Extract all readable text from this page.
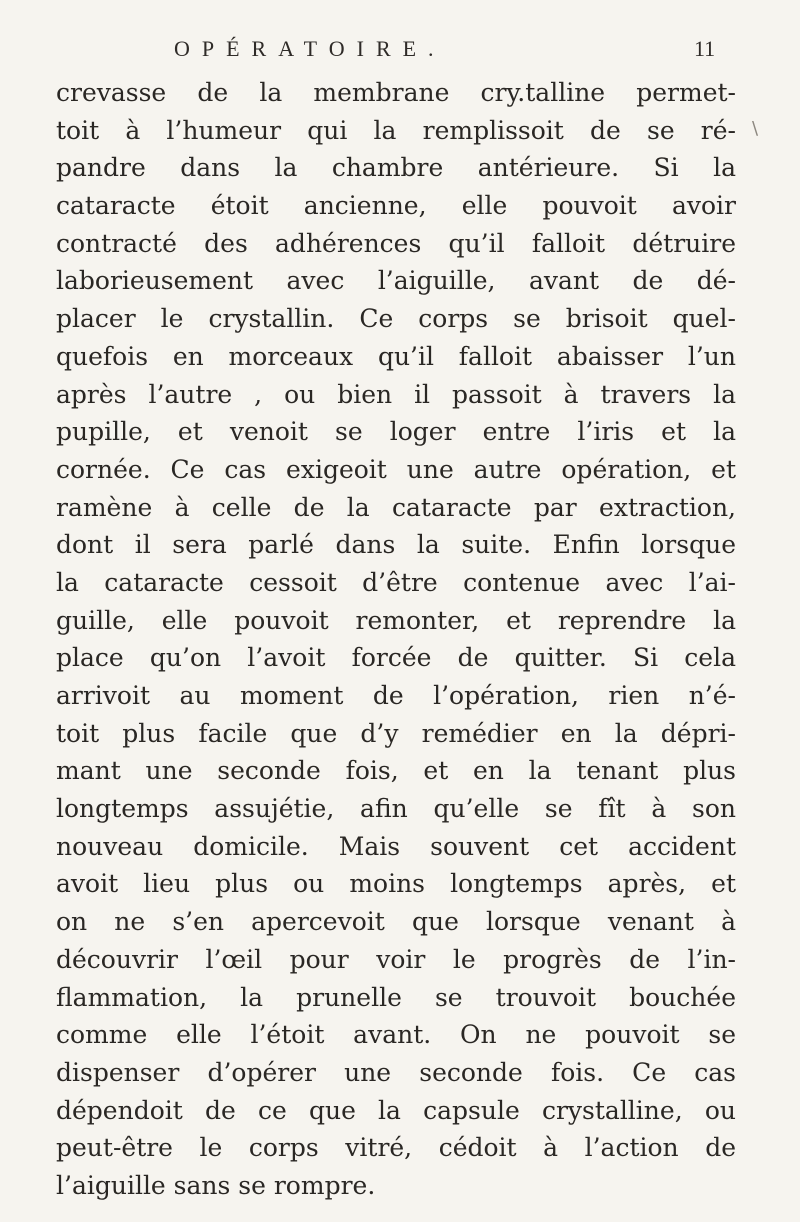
OPÉRATOIRE.	11
\
crevasse de la membrane cry.talline permet-
toit à l’humeur qui la remplissoit de se ré-
pandre dans la chambre antérieure. Si la
cataracte étoit ancienne, elle pouvoit avoir
contracté des adhérences qu’il falloit détruire
laborieusement avec l’aiguille, avant de dé-
placer le crystallin. Ce corps se brisoit quel-
quefois en morceaux qu’il falloit abaisser l’un
après l’autre , ou bien il passoit à travers la
pupille, et venoit se loger entre l’iris et la
cornée. Ce cas exigeoit une autre opération, et
ramène à celle de la cataracte par extraction,
dont il sera parlé dans la suite. Enfin lorsque
la cataracte cessoit d’être contenue avec l’ai-
guille, elle pouvoit remonter, et reprendre la
place qu’on l’avoit forcée de quitter. Si cela
arrivoit au moment de l’opération, rien n’é-
toit plus facile que d’y remédier en la dépri-
mant une seconde fois, et en la tenant plus
longtemps assujétie, afin qu’elle se fît à son
nouveau domicile. Mais souvent cet accident
avoit lieu plus ou moins longtemps après, et
on ne s’en apercevoit que lorsque venant à
découvrir l’œil pour voir le progrès de l’in-
flammation, la prunelle se trouvoit bouchée
comme elle l’étoit avant. On ne pouvoit se
dispenser d’opérer une seconde fois. Ce cas
dépendoit de ce que la capsule crystalline, ou
peut-être le corps vitré, cédoit à l’action de
l’aiguille sans se rompre.
